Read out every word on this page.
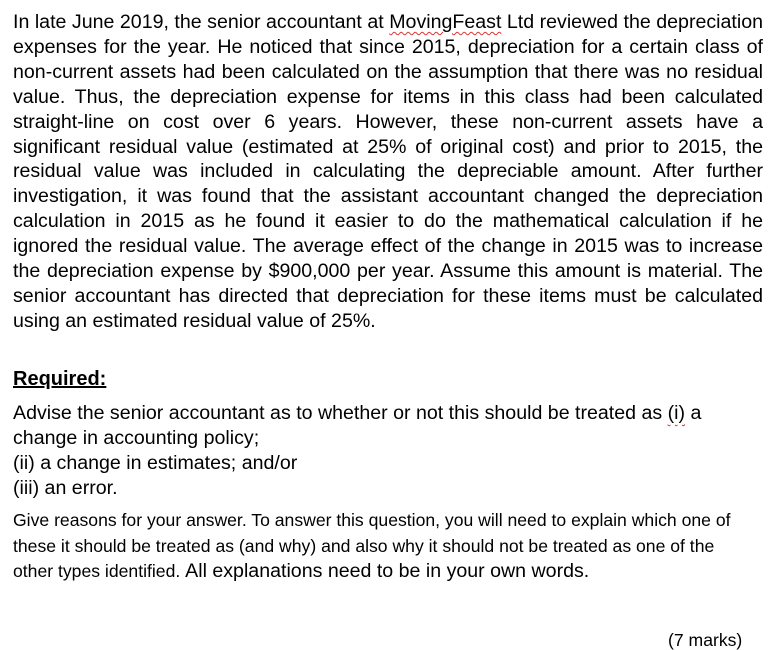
In late June 2019, the senior accountant at MovingFeast Ltd reviewed the depreciation expenses for the year. He noticed that since 2015, depreciation for a certain class of non-current assets had been calculated on the assumption that there was no residual value. Thus, the depreciation expense for items in this class had been calculated straight-line on cost over 6 years. However, these non-current assets have a significant residual value (estimated at 25% of original cost) and prior to 2015, the residual value was included in calculating the depreciable amount. After further investigation, it was found that the assistant accountant changed the depreciation calculation in 2015 as he found it easier to do the mathematical calculation if he ignored the residual value. The average effect of the change in 2015 was to increase the depreciation expense by $900,000 per year. Assume this amount is material. The senior accountant has directed that depreciation for these items must be calculated using an estimated residual value of 25%.

Required:
Advise the senior accountant as to whether or not this should be treated as (i) a change in accounting policy;
(ii) a change in estimates; and/or
(iii) an error.
Give reasons for your answer. To answer this question, you will need to explain which one of these it should be treated as (and why) and also why it should not be treated as one of the other types identified. All explanations need to be in your own words.
(7 marks)
